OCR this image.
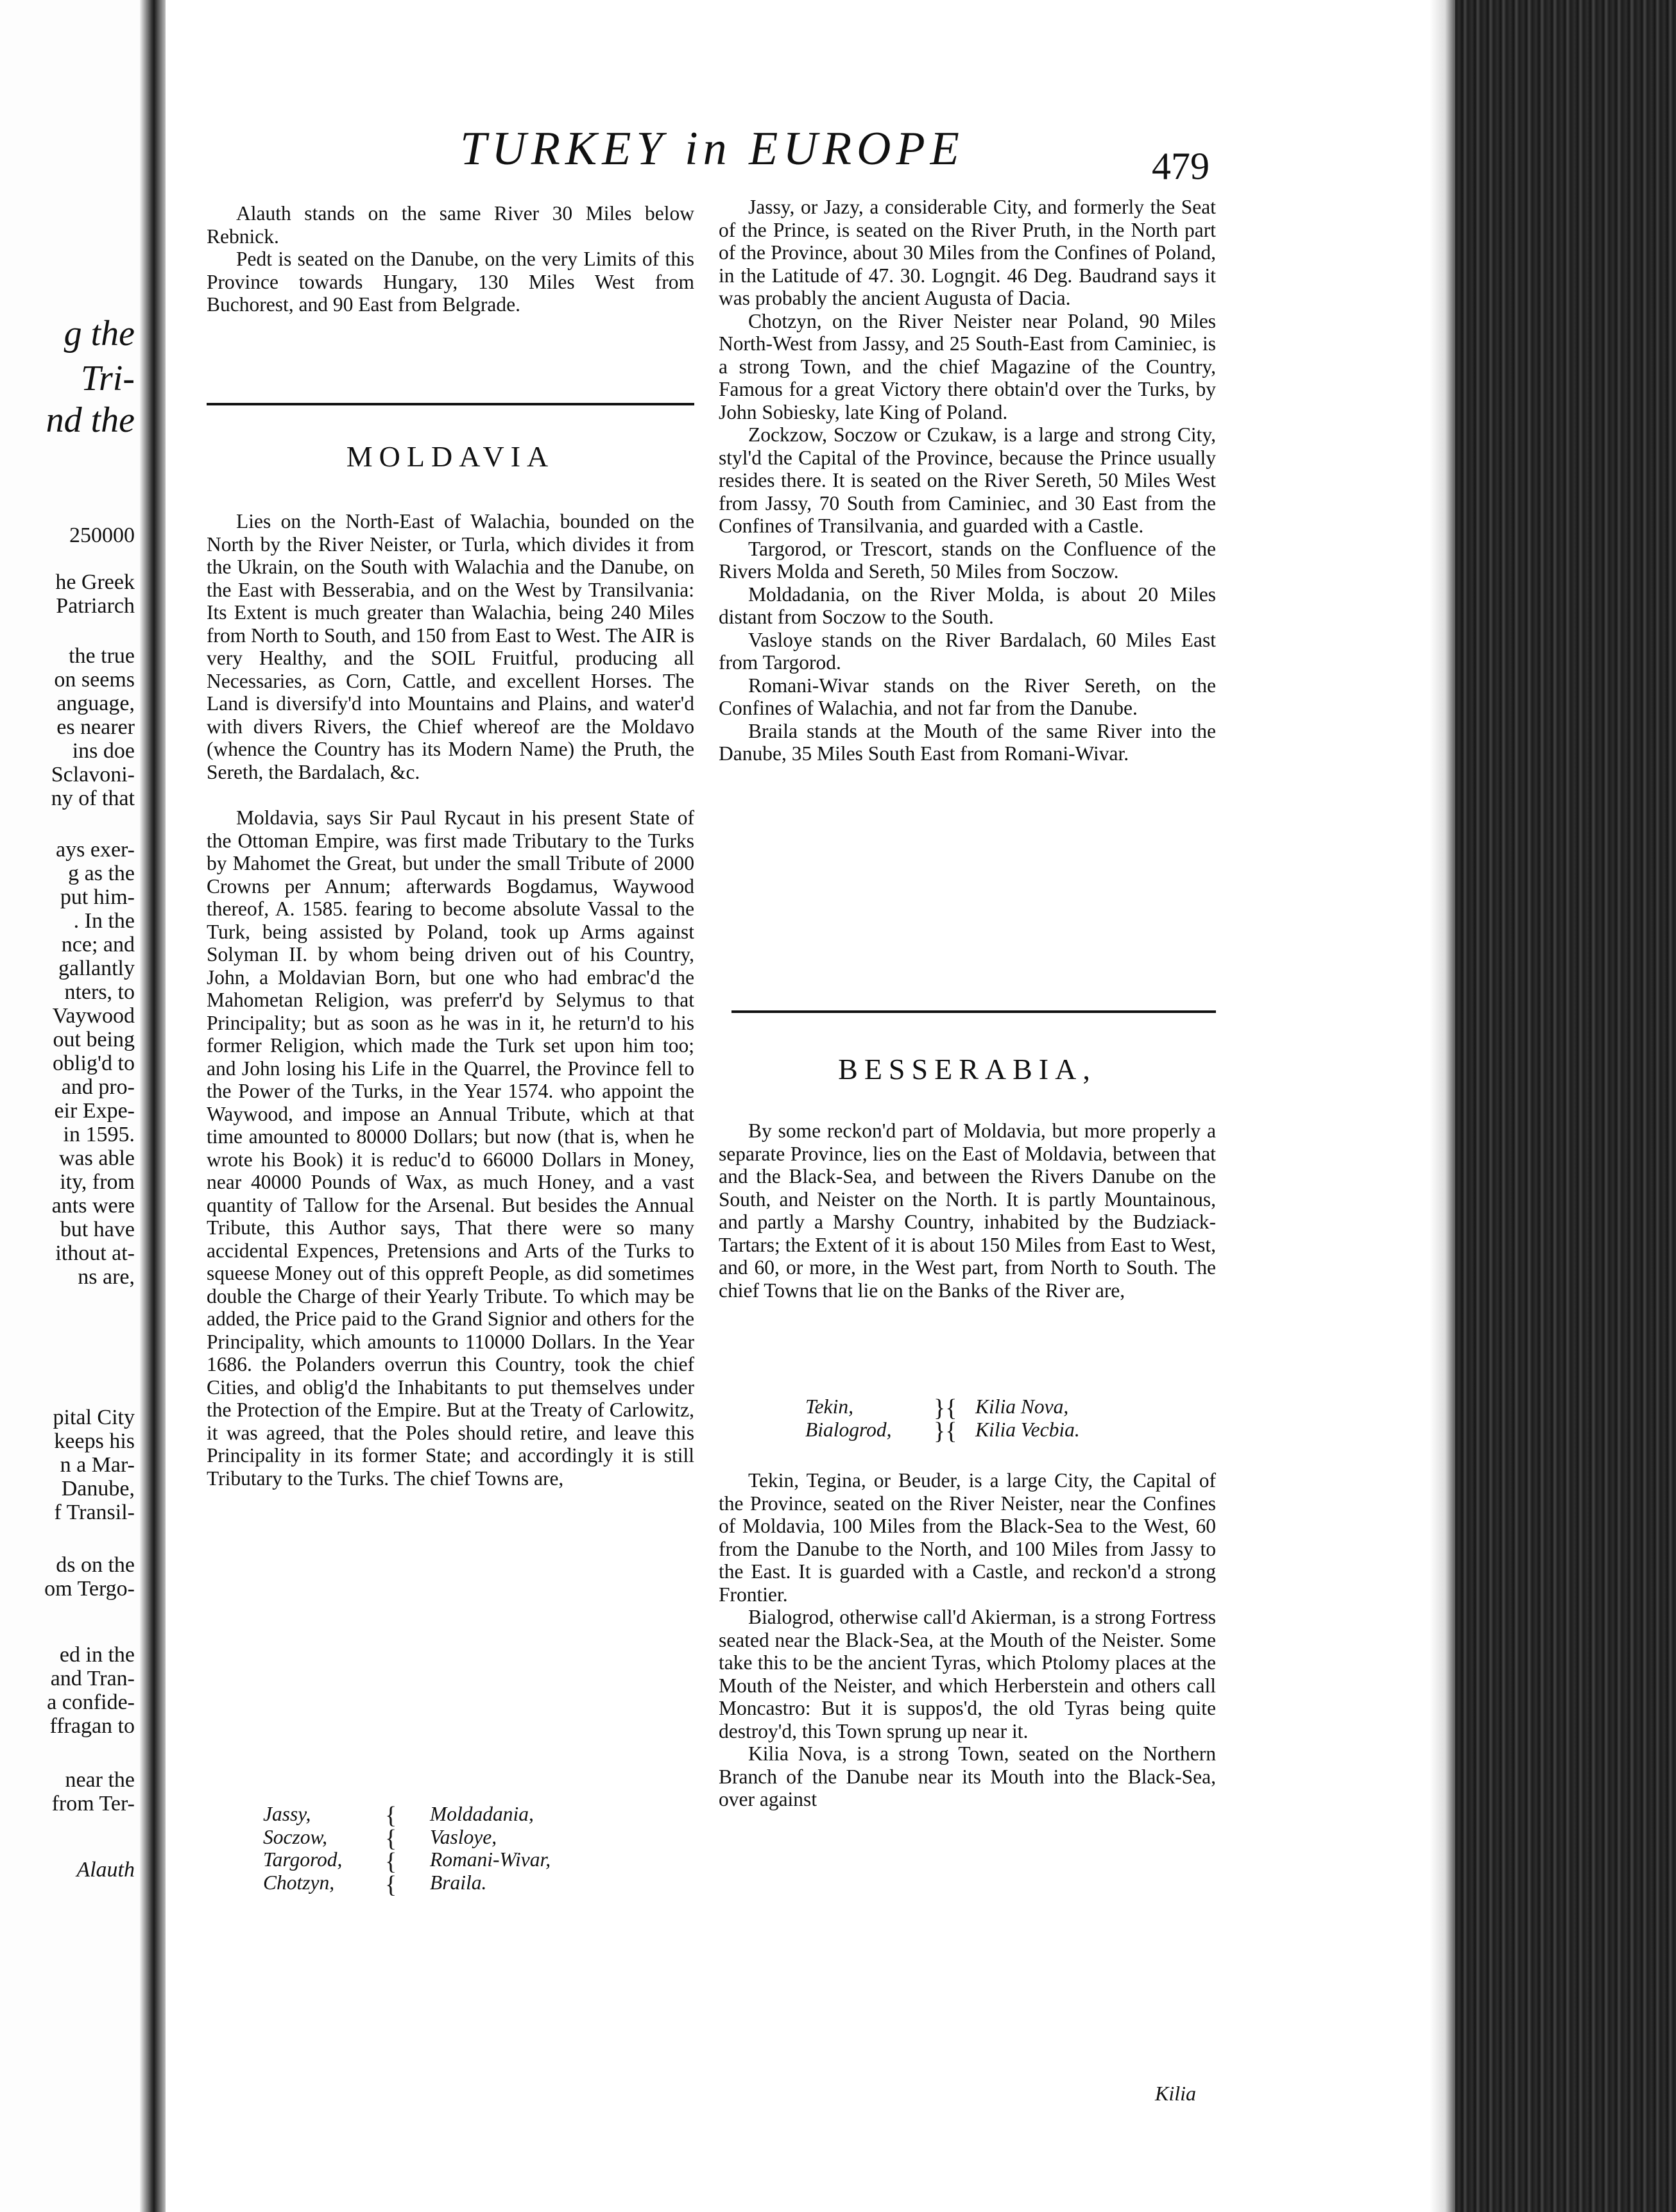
g the
Tri-
nd the
250000
he Greek
Patriarch
the true
on seems
anguage,
es nearer
ins doe
Sclavoni-
ny of that
ays exer-
g as the
put him-
. In the
nce; and
gallantly
nters, to
Vaywood
out being
oblig'd to
and pro-
eir Expe-
in 1595.
was able
ity, from
ants were
but have
ithout at-
ns are,
pital City
keeps his
n a Mar-
Danube,
f Transil-
ds on the
om Tergo-
ed in the
and Tran-
a confide-
ffragan to
near the
from Ter-
Alauth
TURKEY in EUROPE	479

Alauth stands on the same River 30 Miles below Rebnick.

Pedt is seated on the Danube, on the very Limits of this Province towards Hungary, 130 Miles West from Buchorest, and 90 East from Belgrade.

MOLDAVIA

Lies on the North-East of Walachia, bounded on the North by the River Neister, or Turla, which divides it from the Ukrain, on the South with Walachia and the Danube, on the East with Besserabia, and on the West by Transilvania: Its Extent is much greater than Walachia, being 240 Miles from North to South, and 150 from East to West. The AIR is very Healthy, and the SOIL Fruitful, producing all Necessaries, as Corn, Cattle, and excellent Horses. The Land is diversify'd into Mountains and Plains, and water'd with divers Rivers, the Chief whereof are the Moldavo (whence the Country has its Modern Name) the Pruth, the Sereth, the Bardalach, &c.

Moldavia, says Sir Paul Rycaut in his present State of the Ottoman Empire, was first made Tributary to the Turks by Mahomet the Great, but under the small Tribute of 2000 Crowns per Annum; afterwards Bogdamus, Waywood thereof, A. 1585. fearing to become absolute Vassal to the Turk, being assisted by Poland, took up Arms against Solyman II. by whom being driven out of his Country, John, a Moldavian Born, but one who had embrac'd the Mahometan Religion, was preferr'd by Selymus to that Principality; but as soon as he was in it, he return'd to his former Religion, which made the Turk set upon him too; and John losing his Life in the Quarrel, the Province fell to the Power of the Turks, in the Year 1574. who appoint the Waywood, and impose an Annual Tribute, which at that time amounted to 80000 Dollars; but now (that is, when he wrote his Book) it is reduc'd to 66000 Dollars in Money, near 40000 Pounds of Wax, as much Honey, and a vast quantity of Tallow for the Arsenal. But besides the Annual Tribute, this Author says, That there were so many accidental Expences, Pretensions and Arts of the Turks to squeese Money out of this oppreft People, as did sometimes double the Charge of their Yearly Tribute. To which may be added, the Price paid to the Grand Signior and others for the Principality, which amounts to 110000 Dollars. In the Year 1686. the Polanders overrun this Country, took the chief Cities, and oblig'd the Inhabitants to put themselves under the Protection of the Empire. But at the Treaty of Carlowitz, it was agreed, that the Poles should retire, and leave this Principality in its former State; and accordingly it is still Tributary to the Turks. The chief Towns are,

Jassy,
Soczow,
Targorod,
Chotzyn,
{
{
{
{
Moldadania,
Vasloye,
Romani-Wivar,
Braila.

Jassy, or Jazy, a considerable City, and formerly the Seat of the Prince, is seated on the River Pruth, in the North part of the Province, about 30 Miles from the Confines of Poland, in the Latitude of 47. 30. Logngit. 46 Deg. Baudrand says it was probably the ancient Augusta of Dacia.

Chotzyn, on the River Neister near Poland, 90 Miles North-West from Jassy, and 25 South-East from Caminiec, is a strong Town, and the chief Magazine of the Country, Famous for a great Victory there obtain'd over the Turks, by John Sobiesky, late King of Poland.

Zockzow, Soczow or Czukaw, is a large and strong City, styl'd the Capital of the Province, because the Prince usually resides there. It is seated on the River Sereth, 50 Miles West from Jassy, 70 South from Caminiec, and 30 East from the Confines of Transilvania, and guarded with a Castle.

Targorod, or Trescort, stands on the Confluence of the Rivers Molda and Sereth, 50 Miles from Soczow.

Moldadania, on the River Molda, is about 20 Miles distant from Soczow to the South.

Vasloye stands on the River Bardalach, 60 Miles East from Targorod.

Romani-Wivar stands on the River Sereth, on the Confines of Walachia, and not far from the Danube.

Braila stands at the Mouth of the same River into the Danube, 35 Miles South East from Romani-Wivar.

BESSERABIA,

By some reckon'd part of Moldavia, but more properly a separate Province, lies on the East of Moldavia, between that and the Black-Sea, and between the Rivers Danube on the South, and Neister on the North. It is partly Mountainous, and partly a Marshy Country, inhabited by the Budziack-Tartars; the Extent of it is about 150 Miles from East to West, and 60, or more, in the West part, from North to South. The chief Towns that lie on the Banks of the River are,

Tekin,
Bialogrod,
}{
}{
Kilia Nova,
Kilia Vecbia.

Tekin, Tegina, or Beuder, is a large City, the Capital of the Province, seated on the River Neister, near the Confines of Moldavia, 100 Miles from the Black-Sea to the West, 60 from the Danube to the North, and 100 Miles from Jassy to the East. It is guarded with a Castle, and reckon'd a strong Frontier.

Bialogrod, otherwise call'd Akierman, is a strong Fortress seated near the Black-Sea, at the Mouth of the Neister. Some take this to be the ancient Tyras, which Ptolomy places at the Mouth of the Neister, and which Herberstein and others call Moncastro: But it is suppos'd, the old Tyras being quite destroy'd, this Town sprung up near it.

Kilia Nova, is a strong Town, seated on the Northern Branch of the Danube near its Mouth into the Black-Sea, over against

Kilia
